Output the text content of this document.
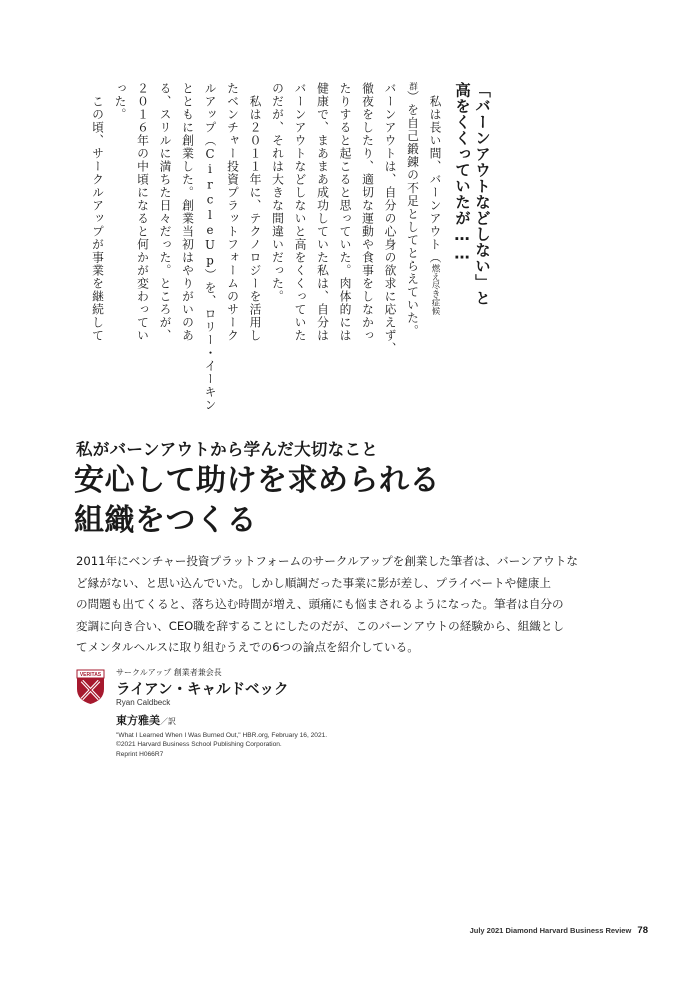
「バーンアウトなどしない」と
高をくくっていたが……
　私は長い間、バーンアウト（燃え尽き症候
群）を自己鍛錬の不足としてとらえていた。
バーンアウトは、自分の心身の欲求に応えず、
徹夜をしたり、適切な運動や食事をしなかっ
たりすると起こると思っていた。肉体的には
健康で、まあまあ成功していた私は、自分は
バーンアウトなどしないと高をくくっていた
のだが、それは大きな間違いだった。
　私は２０１１年に、テクノロジーを活用し
たベンチャー投資プラットフォームのサーク
ルアップ（CircleUp）を、ロリー・イーキン
とともに創業した。創業当初はやりがいのあ
る、スリルに満ちた日々だった。ところが、
２０１６年の中頃になると何かが変わってい
った。
　この頃、サークルアップが事業を継続して
私がバーンアウトから学んだ大切なこと
安心して助けを求められる
組織をつくる

2011年にベンチャー投資プラットフォームのサークルアップを創業した筆者は、バーンアウトな
ど縁がない、と思い込んでいた。しかし順調だった事業に影が差し、プライベートや健康上
の問題も出てくると、落ち込む時間が増え、頭痛にも悩まされるようになった。筆者は自分の
変調に向き合い、CEO職を辞することにしたのだが、このバーンアウトの経験から、組織とし
てメンタルヘルスに取り組むうえでの6つの論点を紹介している。

VERITAS サークルアップ 創業者兼会長
ライアン・キャルドベック
Ryan Caldbeck
東方雅美／訳
"What I Learned When I Was Burned Out," HBR.org, February 16, 2021.
©2021 Harvard Business School Publishing Corporation.
Reprint H066R7
July 2021 Diamond Harvard Business Review 78
